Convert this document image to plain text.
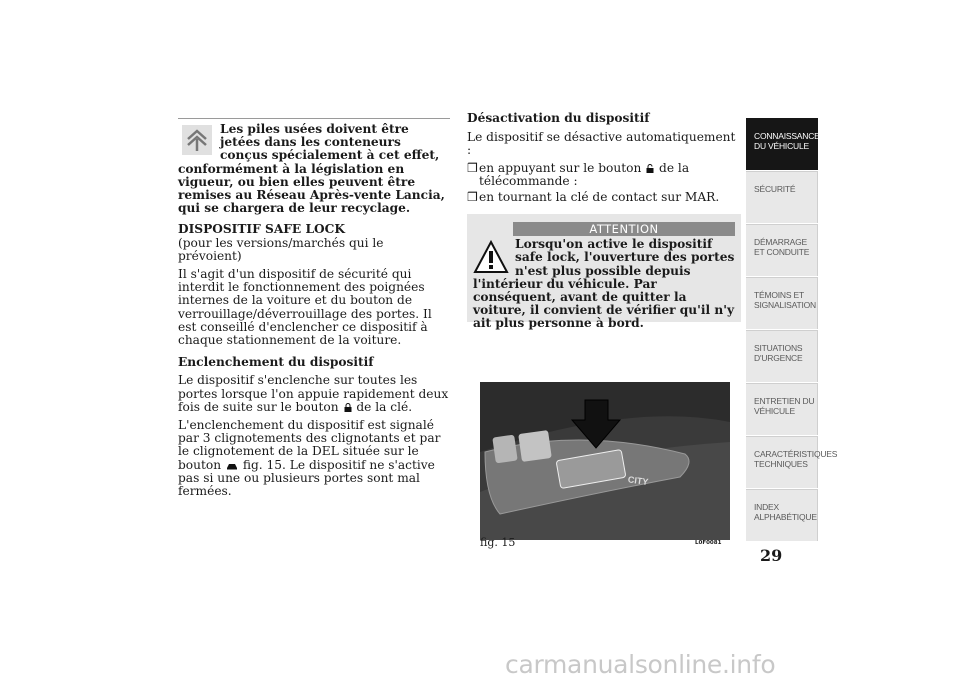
Les piles usées doivent être jetées dans les conteneurs conçus spécialement à cet effet, conformément à la législation en vigueur, ou bien elles peuvent être remises au Réseau Après-vente Lancia, qui se chargera de leur recyclage.

DISPOSITIF SAFE LOCK

(pour les versions/marchés qui le prévoient)

Il s'agit d'un dispositif de sécurité qui interdit le fonctionnement des poignées internes de la voiture et du bouton de verrouillage/déverrouillage des portes. Il est conseillé d'enclencher ce dispositif à chaque stationnement de la voiture.

Enclenchement du dispositif

Le dispositif s'enclenche sur toutes les portes lorsque l'on appuie rapidement deux fois de suite sur le bouton de la clé.

L'enclenchement du dispositif est signalé par 3 clignotements des clignotants et par le clignotement de la DEL située sur le bouton fig. 15. Le dispositif ne s'active pas si une ou plusieurs portes sont mal fermées.

Désactivation du dispositif

Le dispositif se désactive automatiquement :

❒ en appuyant sur le bouton de la télécommande :
❒ en tournant la clé de contact sur MAR.
ATTENTION
Lorsqu'on active le dispositif safe lock, l'ouverture des portes n'est plus possible depuis l'intérieur du véhicule. Par conséquent, avant de quitter la voiture, il convient de vérifier qu'il n'y ait plus personne à bord.
CITY
fig. 15	L0F0081
CONNAISSANCE DU VÉHICULE
SÉCURITÉ
DÉMARRAGE ET CONDUITE
TÉMOINS ET SIGNALISATION
SITUATIONS D'URGENCE
ENTRETIEN DU VÉHICULE
CARACTÉRISTIQUES TECHNIQUES
INDEX ALPHABÉTIQUE
29
carmanualsonline.info
